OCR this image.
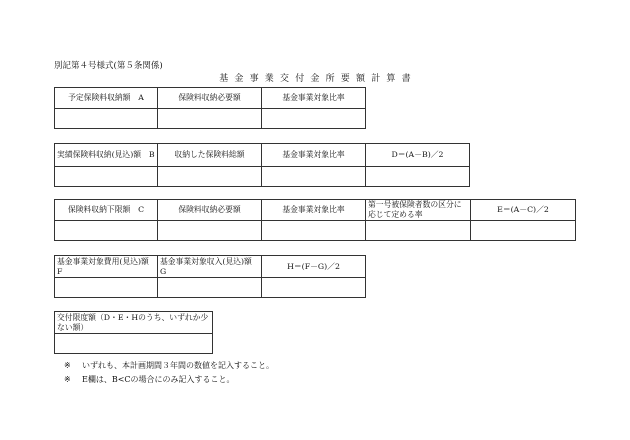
別記第４号様式(第５条関係)
基金事業交付金所要額計算書
予定保険料収納額　A	保険料収納必要額	基金事業対象比率

実績保険料収納(見込)額　B	収納した保険料総額	基金事業対象比率	D＝(A－B)／2

保険料収納下限額　C	保険料収納必要額	基金事業対象比率	第一号被保険者数の区分に応じて定める率	E＝(A－C)／2

基金事業対象費用(見込)額　F	基金事業対象収入(見込)額　G	H＝(F－G)／2

交付限度額（D・E・Hのうち、いずれか少ない額）

※ いずれも、本計画期間３年間の数値を記入すること。
※ E欄は、B<Cの場合にのみ記入すること。
